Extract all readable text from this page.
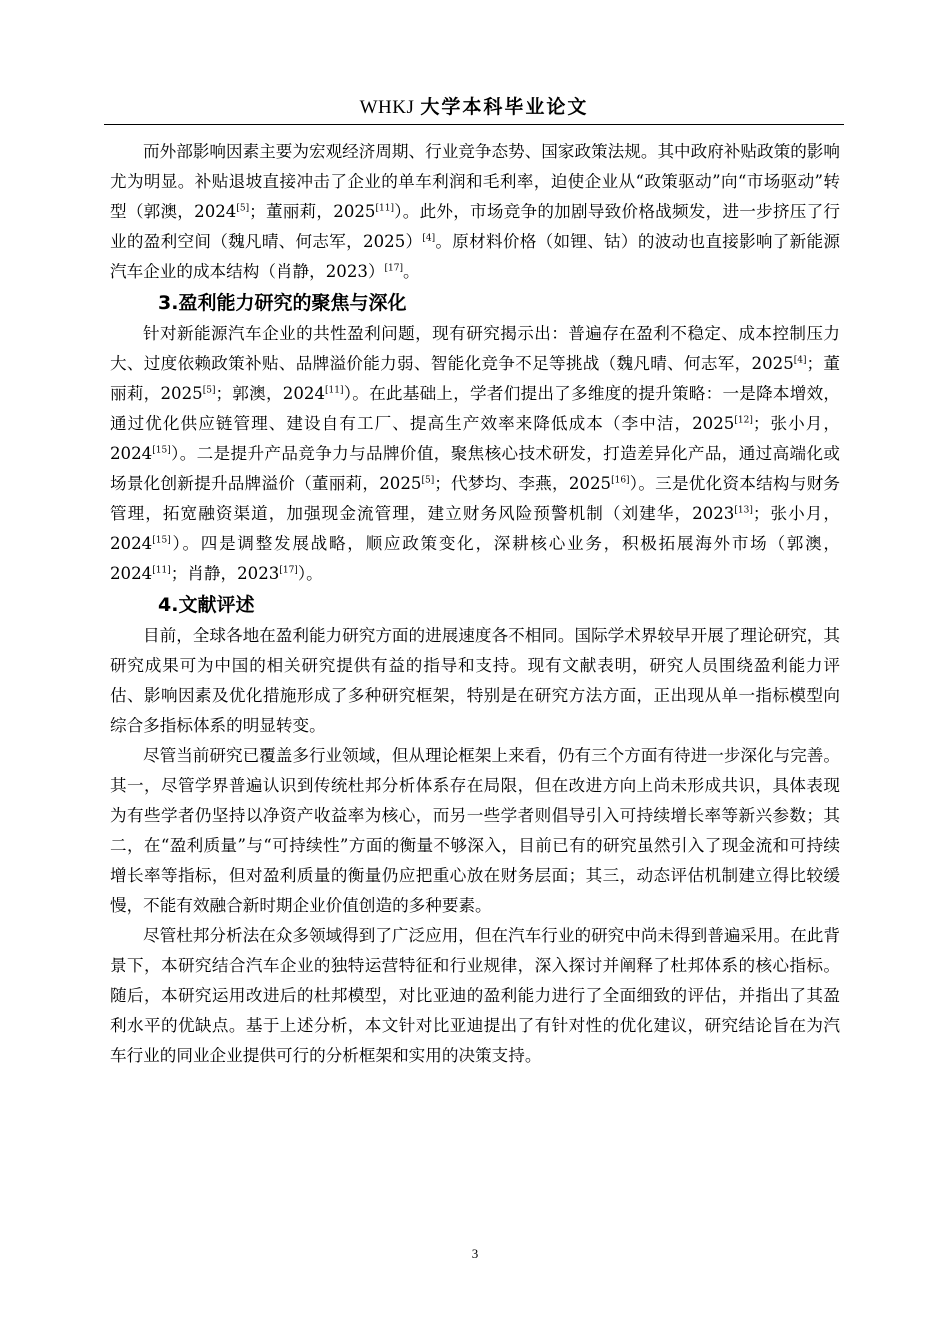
WHKJ 大学本科毕业论文

而外部影响因素主要为宏观经济周期、行业竞争态势、国家政策法规。其中政府补贴政策的影响尤为明显。补贴退坡直接冲击了企业的单车利润和毛利率，迫使企业从“政策驱动”向“市场驱动”转型（郭澳，2024[5]；董丽莉，2025[11]）。此外，市场竞争的加剧导致价格战频发，进一步挤压了行业的盈利空间（魏凡晴、何志军，2025）[4]。原材料价格（如锂、钴）的波动也直接影响了新能源汽车企业的成本结构（肖静，2023）[17]。

3.盈利能力研究的聚焦与深化

针对新能源汽车企业的共性盈利问题，现有研究揭示出：普遍存在盈利不稳定、成本控制压力大、过度依赖政策补贴、品牌溢价能力弱、智能化竞争不足等挑战（魏凡晴、何志军，2025[4]；董丽莉，2025[5]；郭澳，2024[11]）。在此基础上，学者们提出了多维度的提升策略：一是降本增效，通过优化供应链管理、建设自有工厂、提高生产效率来降低成本（李中洁，2025[12]；张小月，2024[15]）。二是提升产品竞争力与品牌价值，聚焦核心技术研发，打造差异化产品，通过高端化或场景化创新提升品牌溢价（董丽莉，2025[5]；代梦均、李燕，2025[16]）。三是优化资本结构与财务管理，拓宽融资渠道，加强现金流管理，建立财务风险预警机制（刘建华，2023[13]；张小月，2024[15]）。四是调整发展战略，顺应政策变化，深耕核心业务，积极拓展海外市场（郭澳，2024[11]；肖静，2023[17]）。

4.文献评述

目前，全球各地在盈利能力研究方面的进展速度各不相同。国际学术界较早开展了理论研究，其研究成果可为中国的相关研究提供有益的指导和支持。现有文献表明，研究人员围绕盈利能力评估、影响因素及优化措施形成了多种研究框架，特别是在研究方法方面，正出现从单一指标模型向综合多指标体系的明显转变。

尽管当前研究已覆盖多行业领域，但从理论框架上来看，仍有三个方面有待进一步深化与完善。其一，尽管学界普遍认识到传统杜邦分析体系存在局限，但在改进方向上尚未形成共识，具体表现为有些学者仍坚持以净资产收益率为核心，而另一些学者则倡导引入可持续增长率等新兴参数；其二，在“盈利质量”与“可持续性”方面的衡量不够深入，目前已有的研究虽然引入了现金流和可持续增长率等指标，但对盈利质量的衡量仍应把重心放在财务层面；其三，动态评估机制建立得比较缓慢，不能有效融合新时期企业价值创造的多种要素。

尽管杜邦分析法在众多领域得到了广泛应用，但在汽车行业的研究中尚未得到普遍采用。在此背景下，本研究结合汽车企业的独特运营特征和行业规律，深入探讨并阐释了杜邦体系的核心指标。随后，本研究运用改进后的杜邦模型，对比亚迪的盈利能力进行了全面细致的评估，并指出了其盈利水平的优缺点。基于上述分析，本文针对比亚迪提出了有针对性的优化建议，研究结论旨在为汽车行业的同业企业提供可行的分析框架和实用的决策支持。

3
